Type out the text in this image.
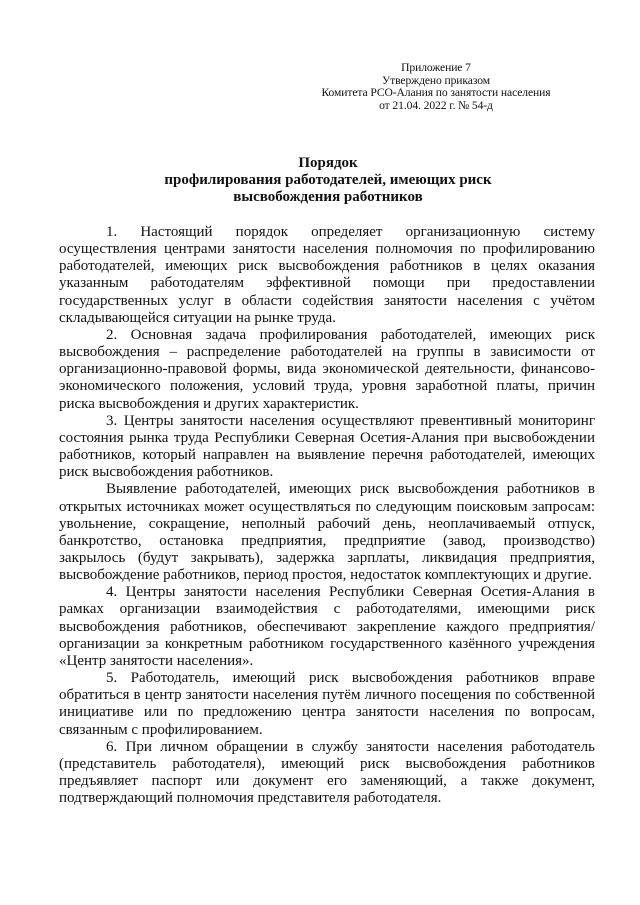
Приложение 7
Утверждено приказом
Комитета РСО-Алания по занятости населения
от 21.04. 2022 г. № 54-д
Порядок
профилирования работодателей, имеющих риск
высвобождения работников

1. Настоящий порядок определяет организационную систему осуществления центрами занятости населения полномочия по профилированию работодателей, имеющих риск высвобождения работников в целях оказания указанным работодателям эффективной помощи при предоставлении государственных услуг в области содействия занятости населения с учётом складывающейся ситуации на рынке труда.

2. Основная задача профилирования работодателей, имеющих риск высвобождения – распределение работодателей на группы в зависимости от организационно-правовой формы, вида экономической деятельности, финансово-экономического положения, условий труда, уровня заработной платы, причин риска высвобождения и других характеристик.

3. Центры занятости населения осуществляют превентивный мониторинг состояния рынка труда Республики Северная Осетия-Алания при высвобождении работников, который направлен на выявление перечня работодателей, имеющих риск высвобождения работников.

Выявление работодателей, имеющих риск высвобождения работников в открытых источниках может осуществляться по следующим поисковым запросам: увольнение, сокращение, неполный рабочий день, неоплачиваемый отпуск, банкротство, остановка предприятия, предприятие (завод, производство) закрылось (будут закрывать), задержка зарплаты, ликвидация предприятия, высвобождение работников, период простоя, недостаток комплектующих и другие.

4. Центры занятости населения Республики Северная Осетия-Алания в рамках организации взаимодействия с работодателями, имеющими риск высвобождения работников, обеспечивают закрепление каждого предприятия/организации за конкретным работником государственного казённого учреждения «Центр занятости населения».

5. Работодатель, имеющий риск высвобождения работников вправе обратиться в центр занятости населения путём личного посещения по собственной инициативе или по предложению центра занятости населения по вопросам, связанным с профилированием.

6. При личном обращении в службу занятости населения работодатель (представитель работодателя), имеющий риск высвобождения работников предъявляет паспорт или документ его заменяющий, а также документ, подтверждающий полномочия представителя работодателя.
